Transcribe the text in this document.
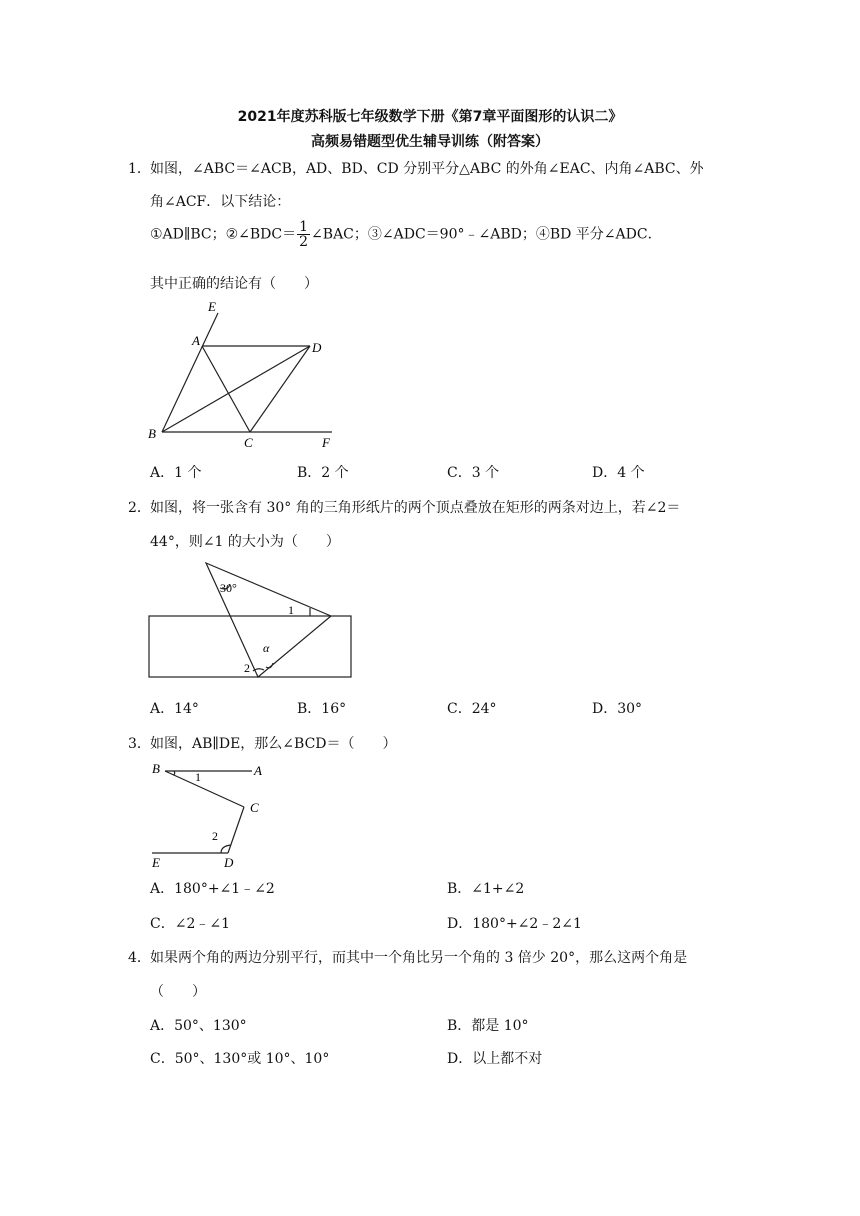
2021年度苏科版七年级数学下册《第7章平面图形的认识二》
高频易错题型优生辅导训练（附答案）
1． 如图，∠ABC＝∠ACB，AD、BD、CD 分别平分△ABC 的外角∠EAC、内角∠ABC、外
角∠ACF．以下结论：
①AD∥BC；②∠BDC＝ $\frac{1}{2}$ ∠BAC；③∠ADC＝90°﹣∠ABD；④BD 平分∠ADC．
其中正确的结论有（　　）
E
A	D
B
C	F
A．1 个	B．2 个	C．3 个	D．4 个
2． 如图，将一张含有 30° 角的三角形纸片的两个顶点叠放在矩形的两条对边上，若∠2＝
44°，则∠1 的大小为（　　）
30°
1
α
2
A．14°	B．16°	C．24°	D．30°
3． 如图，AB∥DE，那么∠BCD＝（　　）
B	A
1
C
2
E	D
A．180°+∠1﹣∠2	B．∠1+∠2
C．∠2﹣∠1	D．180°+∠2﹣2∠1
4． 如果两个角的两边分别平行，而其中一个角比另一个角的 3 倍少 20°，那么这两个角是
（　　）
A．50°、130°	B．都是 10°
C．50°、130°或 10°、10°	D．以上都不对
